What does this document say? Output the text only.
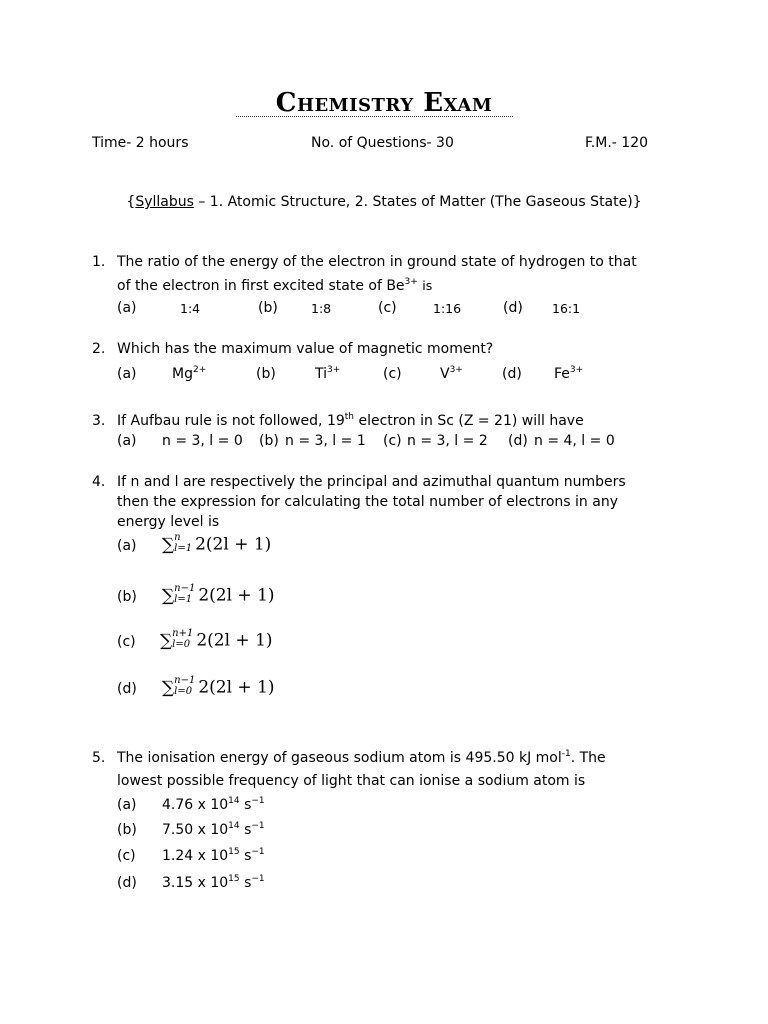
Chemistry Exam
Time- 2 hours	No. of Questions- 30	F.M.- 120
{Syllabus – 1. Atomic Structure, 2. States of Matter (The Gaseous State)}
1. The ratio of the energy of the electron in ground state of hydrogen to that
of the electron in first excited state of $Be^{3+}$ is
(a)	1:4	(b)	1:8	(c)	1:16	(d) 16:1
2. Which has the maximum value of magnetic moment?
(a)	$Mg^{2+}$	(b)	$Ti^{3+}$	(c)	$V^{3+}$	(d) $Fe^{3+}$
3. If Aufbau rule is not followed, 19th electron in Sc (Z = 21) will have
(a) n = 3, l = 0 (b) n = 3, l = 1 (c) n = 3, l = 2 (d) n = 4, l = 0
4. If n and l are respectively the principal and azimuthal quantum numbers
then the expression for calculating the total number of electrons in any
energy level is
(a) ∑ n
l=1 2(2l + 1)
(b) ∑ n−1
l=1 2(2l + 1)
(c) ∑ n+1
l=0 2(2l + 1)
(d) ∑ n−1
l=0 2(2l + 1)
5. The ionisation energy of gaseous sodium atom is 495.50 kJ mol$^{-1}$. The
lowest possible frequency of light that can ionise a sodium atom is
(a) 4.76 x $10^{14}$ $s^{-1}$
(b) 7.50 x $10^{14}$ $s^{-1}$
(c) 1.24 x $10^{15}$ $s^{-1}$
(d) 3.15 x $10^{15}$ $s^{-1}$
